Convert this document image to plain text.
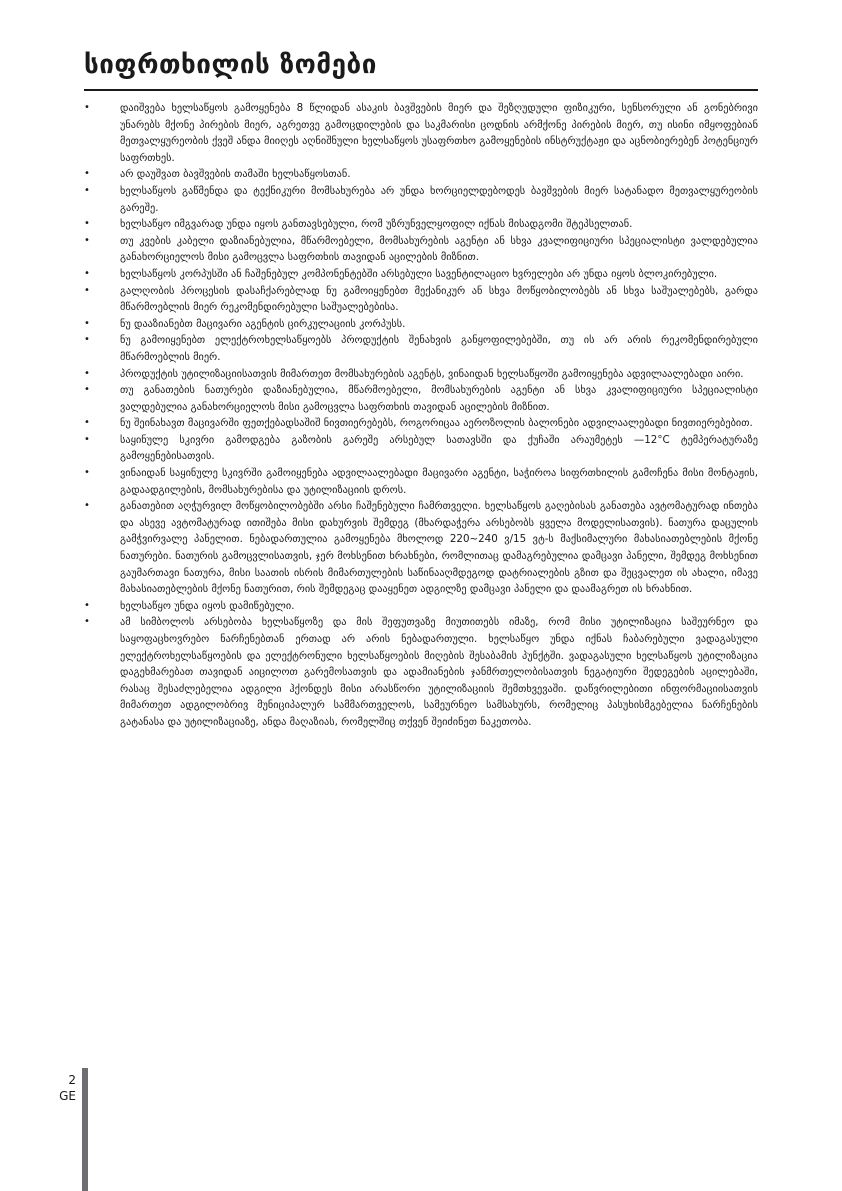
სიფრთხილის ზომები
•	დაიშვება ხელსაწყოს გამოყენება 8 წლიდან ასაკის ბავშვების მიერ და შეზღუდული ფიზიკური, სენსორული ან გონებრივი უნარებს მქონე პირების მიერ, აგრეთვე გამოცდილების და საკმარისი ცოდნის არმქონე პირების მიერ, თუ ისინი იმყოფებიან მეთვალყურეობის ქვეშ ანდა მიიღეს აღნიშნული ხელსაწყოს უსაფრთხო გამოყენების ინსტრუქტაჟი და აცნობიერებენ პოტენციურ საფრთხეს.
•	არ დაუშვათ ბავშვების თამაში ხელსაწყოსთან.
•	ხელსაწყოს გაწმენდა და ტექნიკური მომსახურება არ უნდა ხორციელდებოდეს ბავშვების მიერ სატანადო მეთვალყურეობის გარეშე.
•	ხელსაწყო იმგვარად უნდა იყოს განთავსებული, რომ უზრუნველყოფილ იქნას მისადგომი შტეპსელთან.
•	თუ კვების კაბელი დაზიანებულია, მწარმოებელი, მომსახურების აგენტი ან სხვა კვალიფიციური სპეციალისტი ვალდებულია განახორციელოს მისი გამოცვლა საფრთხის თავიდან აცილების მიზნით.
•	ხელსაწყოს კორპუსში ან ჩაშენებულ კომპონენტებში არსებული სავენტილაციო ხვრელები არ უნდა იყოს ბლოკირებული.
•	გალღობის პროცესის დასაჩქარებლად ნუ გამოიყენებთ მექანიკურ ან სხვა მოწყობილობებს ან სხვა საშუალებებს, გარდა მწარმოებლის მიერ რეკომენდირებული საშუალებებისა.
•	ნუ დააზიანებთ მაცივარი აგენტის ცირკულაციის კორპუსს.
•	ნუ გამოიყენებთ ელექტროხელსაწყოებს პროდუქტის შენახვის განყოფილებებში, თუ ის არ არის რეკომენდირებული მწარმოებლის მიერ.
•	პროდუქტის უტილიზაციისათვის მიმართეთ მომსახურების აგენტს, ვინაიდან ხელსაწყოში გამოიყენება ადვილაალებადი აირი.
•	თუ განათების ნათურები დაზიანებულია, მწარმოებელი, მომსახურების აგენტი ან სხვა კვალიფიციური სპეციალისტი ვალდებულია განახორციელოს მისი გამოცვლა საფრთხის თავიდან აცილების მიზნით.
•	ნუ შეინახავთ მაცივარში ფეთქებადსაშიშ ნივთიერებებს, როგორიცაა აეროზოლის ბალონები ადვილაალებადი ნივთიერებებით.
•	საყინულე სკივრი გამოდგება გაზობის გარეშე არსებულ სათავსში და ქუჩაში არაუმეტეს —12°C ტემპერატურაზე გამოყენებისათვის.
•	ვინაიდან საყინულე სკივრში გამოიყენება ადვილაალებადი მაცივარი აგენტი, საჭიროა სიფრთხილის გამოჩენა მისი მონტაჟის, გადაადგილების, მომსახურებისა და უტილიზაციის დროს.
•	განათებით აღჭურვილ მოწყობილობებში არსი ჩაშენებული ჩამრთველი. ხელსაწყოს გაღებისას განათება ავტომატურად ინთება და ასევე ავტომატურად ითიშება მისი დახურვის შემდეგ (მხარდაჭერა არსებობს ყველა მოდელისათვის). ნათურა დაცულის გამჭვირვალე პანელით. ნებადართულია გამოყენება მხოლოდ 220~240 ვ/15 ვტ-ს მაქსიმალური მახასიათებლების მქონე ნათურები. ნათურის გამოცვლისათვის, ჯერ მოხსენით ხრახნები, რომლითაც დამაგრებულია დამცავი პანელი, შემდეგ მოხსენით გაუმართავი ნათურა, მისი საათის ისრის მიმართულების საწინააღმდეგოდ დატრიალების გზით და შეცვალეთ ის ახალი, იმავე მახასიათებლების მქონე ნათურით, რის შემდეგაც დააყენეთ ადგილზე დამცავი პანელი და დაამაგრეთ ის ხრახნით.
•	ხელსაწყო უნდა იყოს დამიწებული.
•	ამ სიმბოლოს არსებობა ხელსაწყოზე და მის შეფუთვაზე მიუთითებს იმაზე, რომ მისი უტილიზაცია საშეურნეო და საყოფაცხოვრებო ნარჩენებთან ერთად არ არის ნებადართული. ხელსაწყო უნდა იქნას ჩაბარებული ვადაგასული ელექტროხელსაწყოების და ელექტრონული ხელსაწყოების მიღების შესაბამის პუნქტში. ვადაგასული ხელსაწყოს უტილიზაცია დაგეხმარებათ თავიდან აიცილოთ გარემოსათვის და ადამიანების ჯანმრთელობისათვის ნეგატიური შედეგების აცილებაში, რასაც შესაძლებელია ადგილი ჰქონდეს მისი არასწორი უტილიზაციის შემთხვევაში. დაწვრილებითი ინფორმაციისათვის მიმართეთ ადგილობრივ მუნიციპალურ სამმართველოს, სამეურნეო სამსახურს, რომელიც პასუხისმგებელია ნარჩენების გატანასა და უტილიზაციაზე, ანდა მაღაზიას, რომელშიც თქვენ შეიძინეთ ნაკეთობა.
2
GE
